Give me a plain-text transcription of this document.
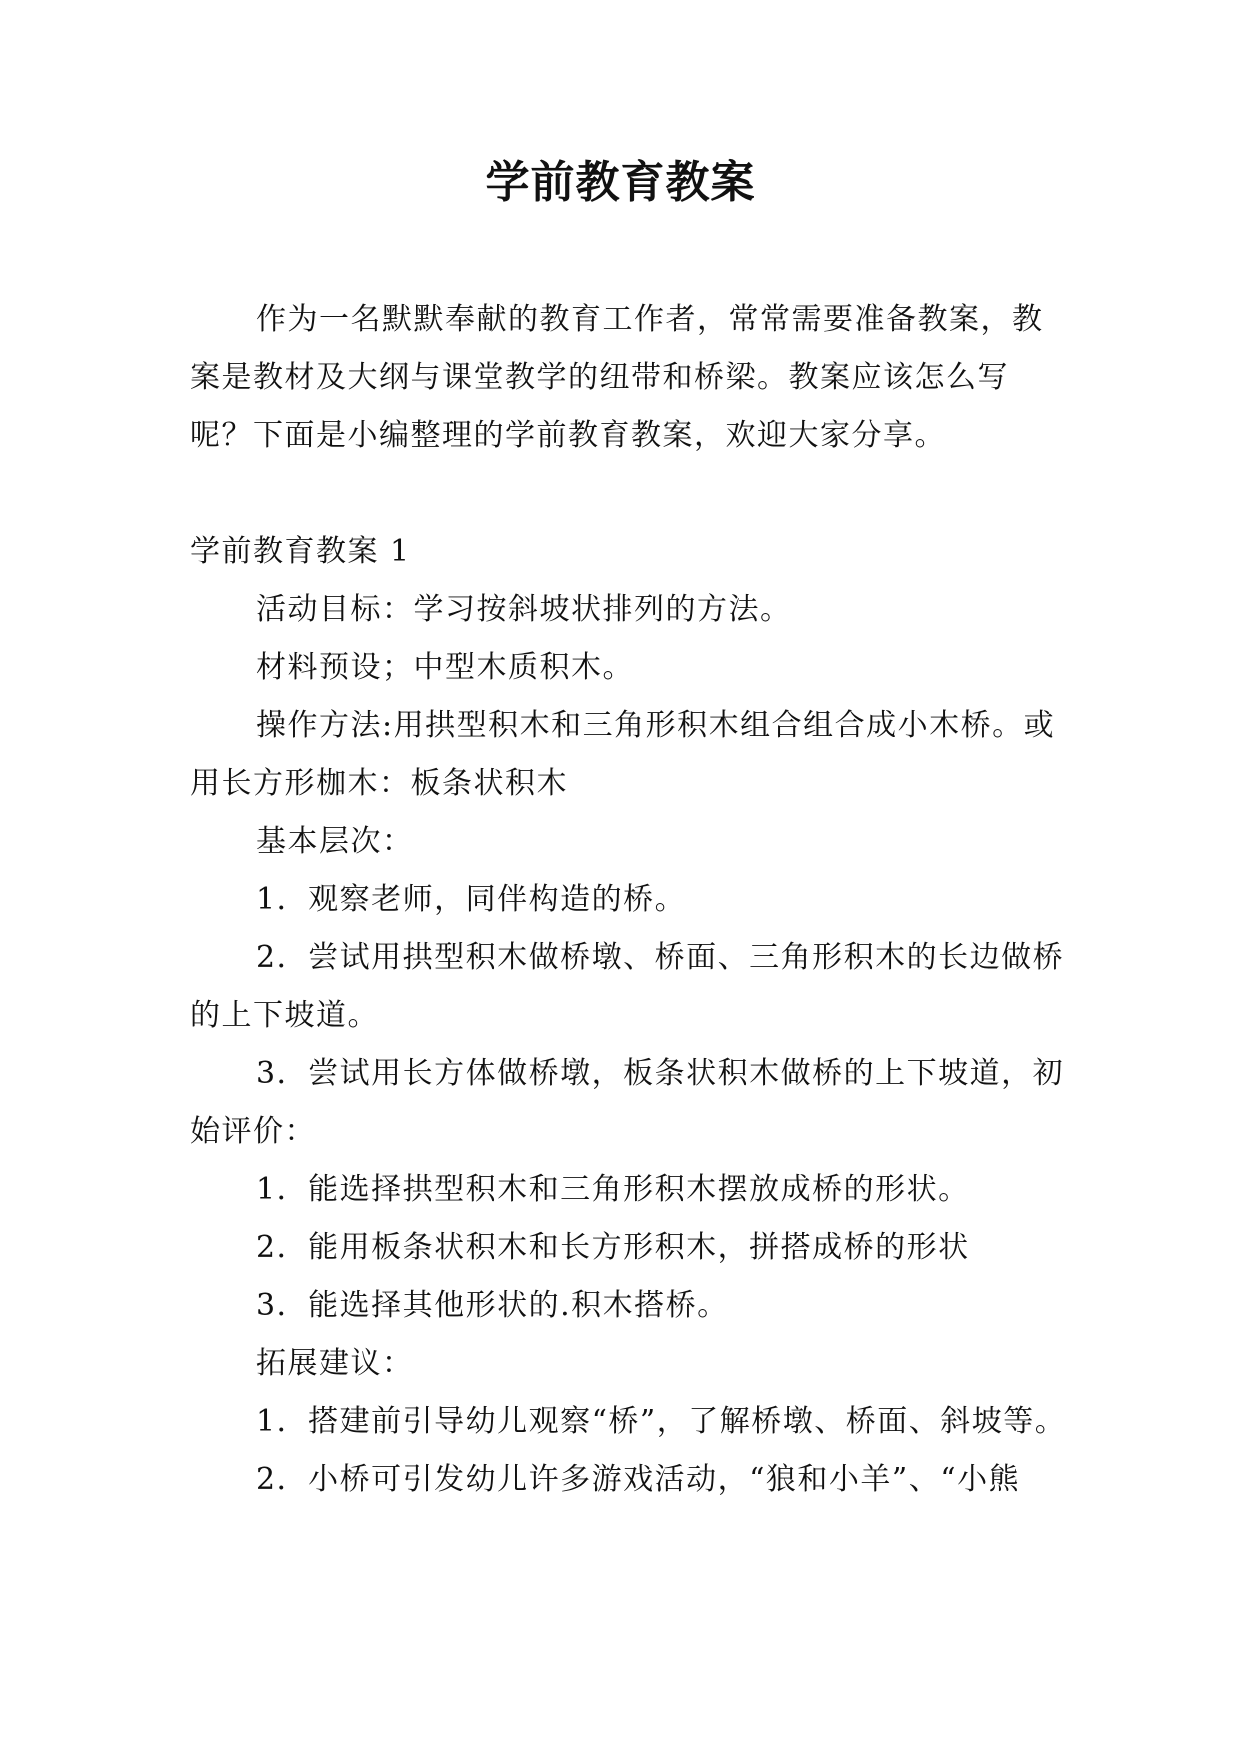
学前教育教案

作为一名默默奉献的教育工作者，常常需要准备教案，教案是教材及大纲与课堂教学的纽带和桥梁。教案应该怎么写呢？下面是小编整理的学前教育教案，欢迎大家分享。

学前教育教案 1

活动目标：学习按斜坡状排列的方法。

材料预设；中型木质积木。

操作方法:用拱型积木和三角形积木组合组合成小木桥。或用长方形枷木：板条状积木

基本层次：

1．观察老师，同伴构造的桥。

2．尝试用拱型积木做桥墩、桥面、三角形积木的长边做桥的上下坡道。

3．尝试用长方体做桥墩，板条状积木做桥的上下坡道，初始评价：

1．能选择拱型积木和三角形积木摆放成桥的形状。

2．能用板条状积木和长方形积木，拼搭成桥的形状

3．能选择其他形状的.积木搭桥。

拓展建议：

1．搭建前引导幼儿观察“桥”，了解桥墩、桥面、斜坡等。

2．小桥可引发幼儿许多游戏活动，“狼和小羊”、“小熊
